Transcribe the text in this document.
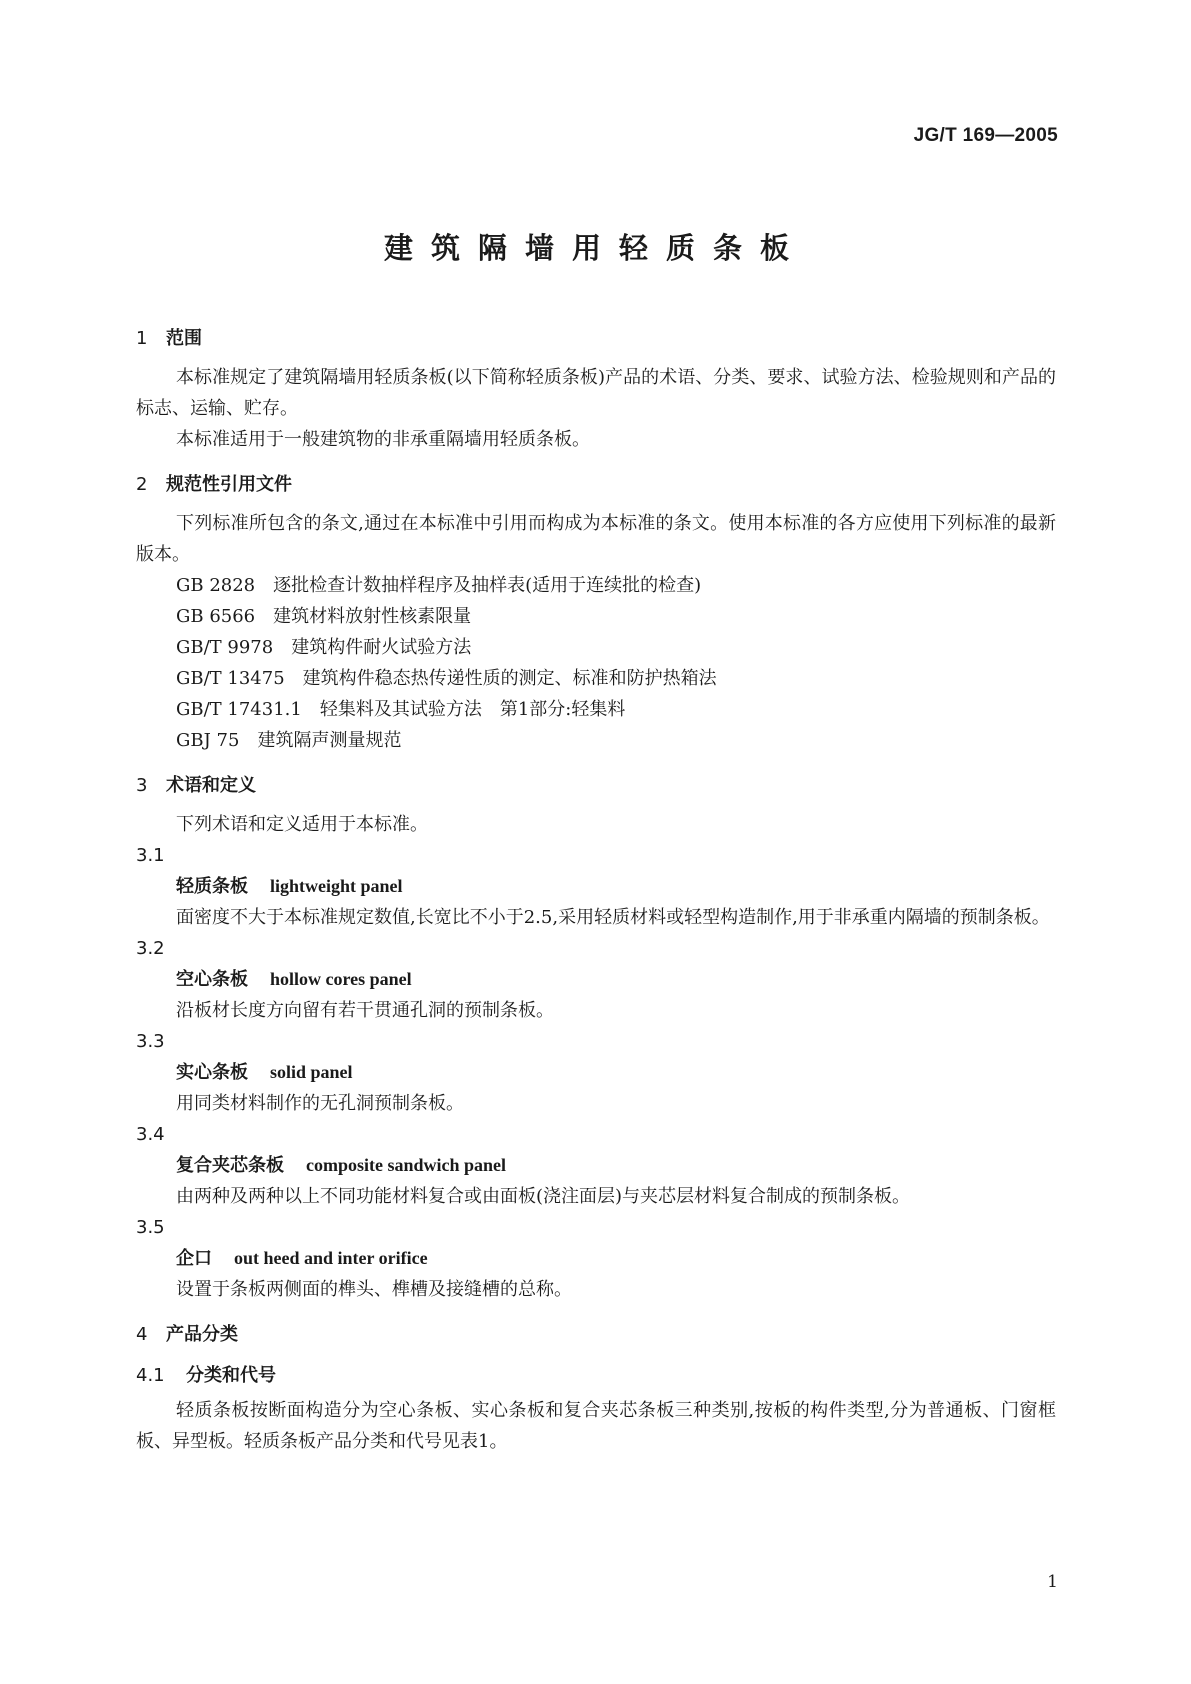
JG/T 169—2005
建筑隔墙用轻质条板
1 范围
本标准规定了建筑隔墙用轻质条板(以下简称轻质条板)产品的术语、分类、要求、试验方法、检验规则和产品的标志、运输、贮存。
本标准适用于一般建筑物的非承重隔墙用轻质条板。
2 规范性引用文件
下列标准所包含的条文,通过在本标准中引用而构成为本标准的条文。使用本标准的各方应使用下列标准的最新版本。
GB 2828 逐批检查计数抽样程序及抽样表(适用于连续批的检查)
GB 6566 建筑材料放射性核素限量
GB/T 9978 建筑构件耐火试验方法
GB/T 13475 建筑构件稳态热传递性质的测定、标准和防护热箱法
GB/T 17431.1 轻集料及其试验方法　第1部分:轻集料
GBJ 75 建筑隔声测量规范
3 术语和定义
下列术语和定义适用于本标准。
3.1
轻质条板 lightweight panel
面密度不大于本标准规定数值,长宽比不小于2.5,采用轻质材料或轻型构造制作,用于非承重内隔墙的预制条板。
3.2
空心条板 hollow cores panel
沿板材长度方向留有若干贯通孔洞的预制条板。
3.3
实心条板 solid panel
用同类材料制作的无孔洞预制条板。
3.4
复合夹芯条板 composite sandwich panel
由两种及两种以上不同功能材料复合或由面板(浇注面层)与夹芯层材料复合制成的预制条板。
3.5
企口 out heed and inter orifice
设置于条板两侧面的榫头、榫槽及接缝槽的总称。
4 产品分类
4.1 分类和代号
轻质条板按断面构造分为空心条板、实心条板和复合夹芯条板三种类别,按板的构件类型,分为普通板、门窗框板、异型板。轻质条板产品分类和代号见表1。
1
